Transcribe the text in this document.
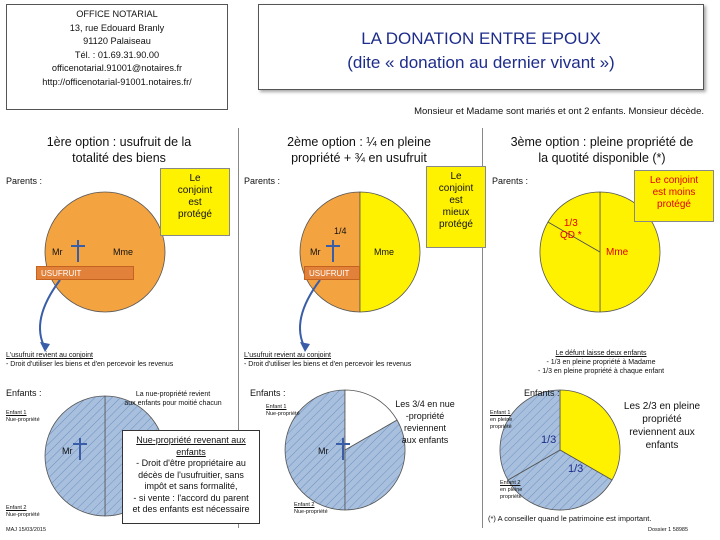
OFFICE NOTARIAL
13, rue Edouard Branly
91120 Palaiseau
Tél. : 01.69.31.90.00
officenotarial.91001@notaires.fr
http://officenotarial-91001.notaires.fr/
LA DONATION ENTRE EPOUX
(dite « donation au dernier vivant »)
Monsieur et Madame sont mariés et ont 2 enfants. Monsieur décède.
1ère option : usufruit de la
totalité des biens
Parents :	Le
conjoint
est
protégé
Mr	Mme
USUFRUIT
L'usufruit revient au conjoint
- Droit d'utiliser les biens et d'en percevoir les revenus
Enfants :	La nue-propriété revient
aux enfants pour moitié chacun
Enfant 1
Nue-propriété
Mr
Enfant 2
Nue-propriété
Nue-propriété revenant aux
enfants
- Droit d'être propriétaire au
décès de l'usufruitier, sans
impôt et sans formalité,
- si vente : l'accord du parent
et des enfants est nécessaire
MAJ 15/03/2015
2ème option : ¼ en pleine
propriété + ¾ en usufruit
Parents :	Le
conjoint
est
mieux
protégé
1/4
Mr	Mme
USUFRUIT
L'usufruit revient au conjoint
- Droit d'utiliser les biens et d'en percevoir les revenus
Enfants :
Enfant 1
Nue-propriété
Mr
Enfant 2
Nue-propriété
Les 3/4 en nue
-propriété
reviennent
aux enfants
3ème option : pleine propriété de
la quotité disponible (*)
Parents :	Le conjoint
est moins
protégé
1/3
QD *
Mme
Le défunt laisse deux enfants
- 1/3 en pleine propriété à Madame
- 1/3 en pleine propriété à chaque enfant
Enfants :
Enfant 1
en pleine propriété
1/3
1/3
Enfant 2
en pleine propriété
Les 2/3 en pleine
propriété
reviennent aux
enfants
(*) A conseiller quand le patrimoine est important.
Dossier 1 58985
